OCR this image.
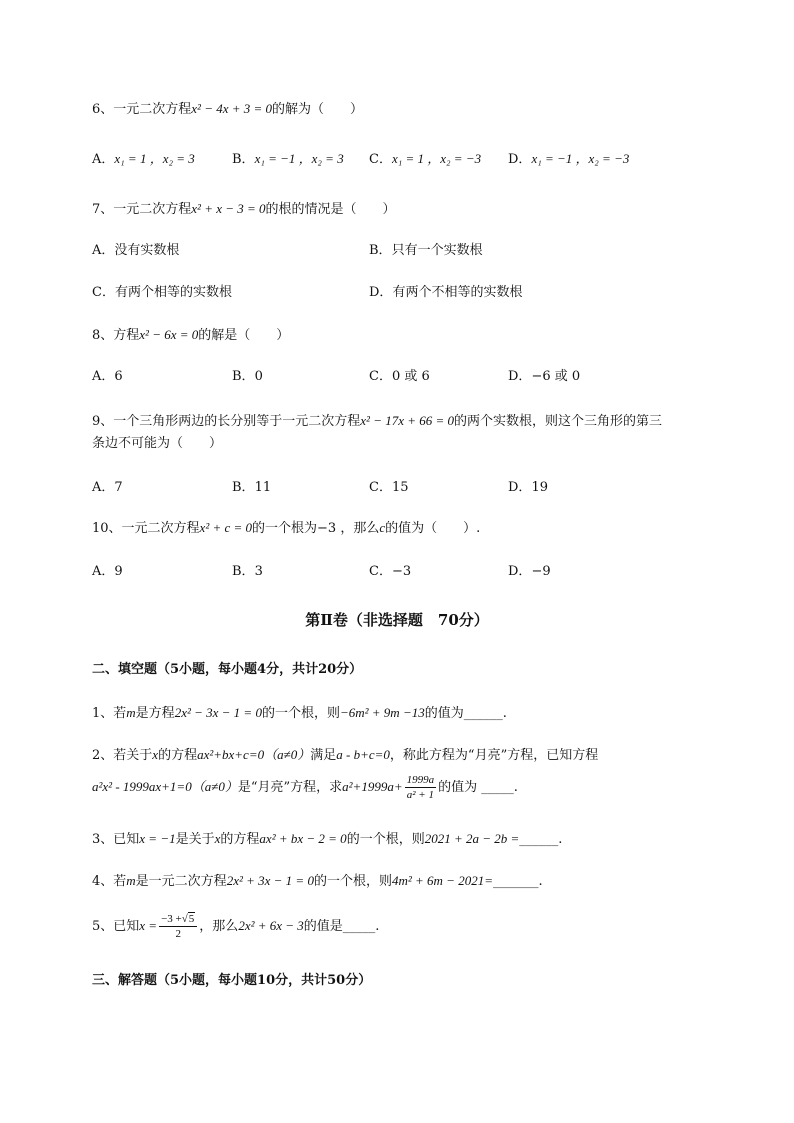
6、一元二次方程x² − 4x + 3 = 0的解为（　　）
A．x₁ = 1 ，x₂ = 3	B．x₁ = −1 ，x₂ = 3 C．x₁ = 1 ，x₂ = −3 D．x₁ = −1 ，x₂ = −3
7、一元二次方程x² + x − 3 = 0的根的情况是（　　）
A．没有实数根	B．只有一个实数根
C．有两个相等的实数根	D．有两个不相等的实数根
8、方程x² − 6x = 0的解是（　　）
A．6	B．0	C．0 或 6	D．−6 或 0
9、一个三角形两边的长分别等于一元二次方程x² − 17x + 66 = 0的两个实数根，则这个三角形的第三
条边不可能为（　　）
A．7	B．11	C．15	D．19
10、一元二次方程x² + c = 0的一个根为−3 ，那么c的值为（　　）.
A．9	B．3	C．−3	D．−9
第Ⅱ卷（非选择题　70分）
二、填空题（5小题，每小题4分，共计20分）
1、若m是方程2x² − 3x − 1 = 0的一个根，则−6m² + 9m −13的值为______.
2、若关于x的方程ax²+bx+c=0（a≠0）满足a - b+c=0，称此方程为“月亮”方程，已知方程
a²x² - 1999ax+1=0（a≠0）是“月亮”方程，求$a^2+1999a+ \frac{1999a}{\text{a² + 1}}$ 的值为 _____.
3、已知x = −1是关于x的方程ax² + bx − 2 = 0的一个根，则2021 + 2a − 2b =______.
4、若m是一元二次方程2x² + 3x − 1 = 0的一个根，则4m² + 6m − 2021=_______.
5、已知$x = \frac{-3 +√5}{2}$ ，那么2x² + 6x − 3的值是_____.
三、解答题（5小题，每小题10分，共计50分）
